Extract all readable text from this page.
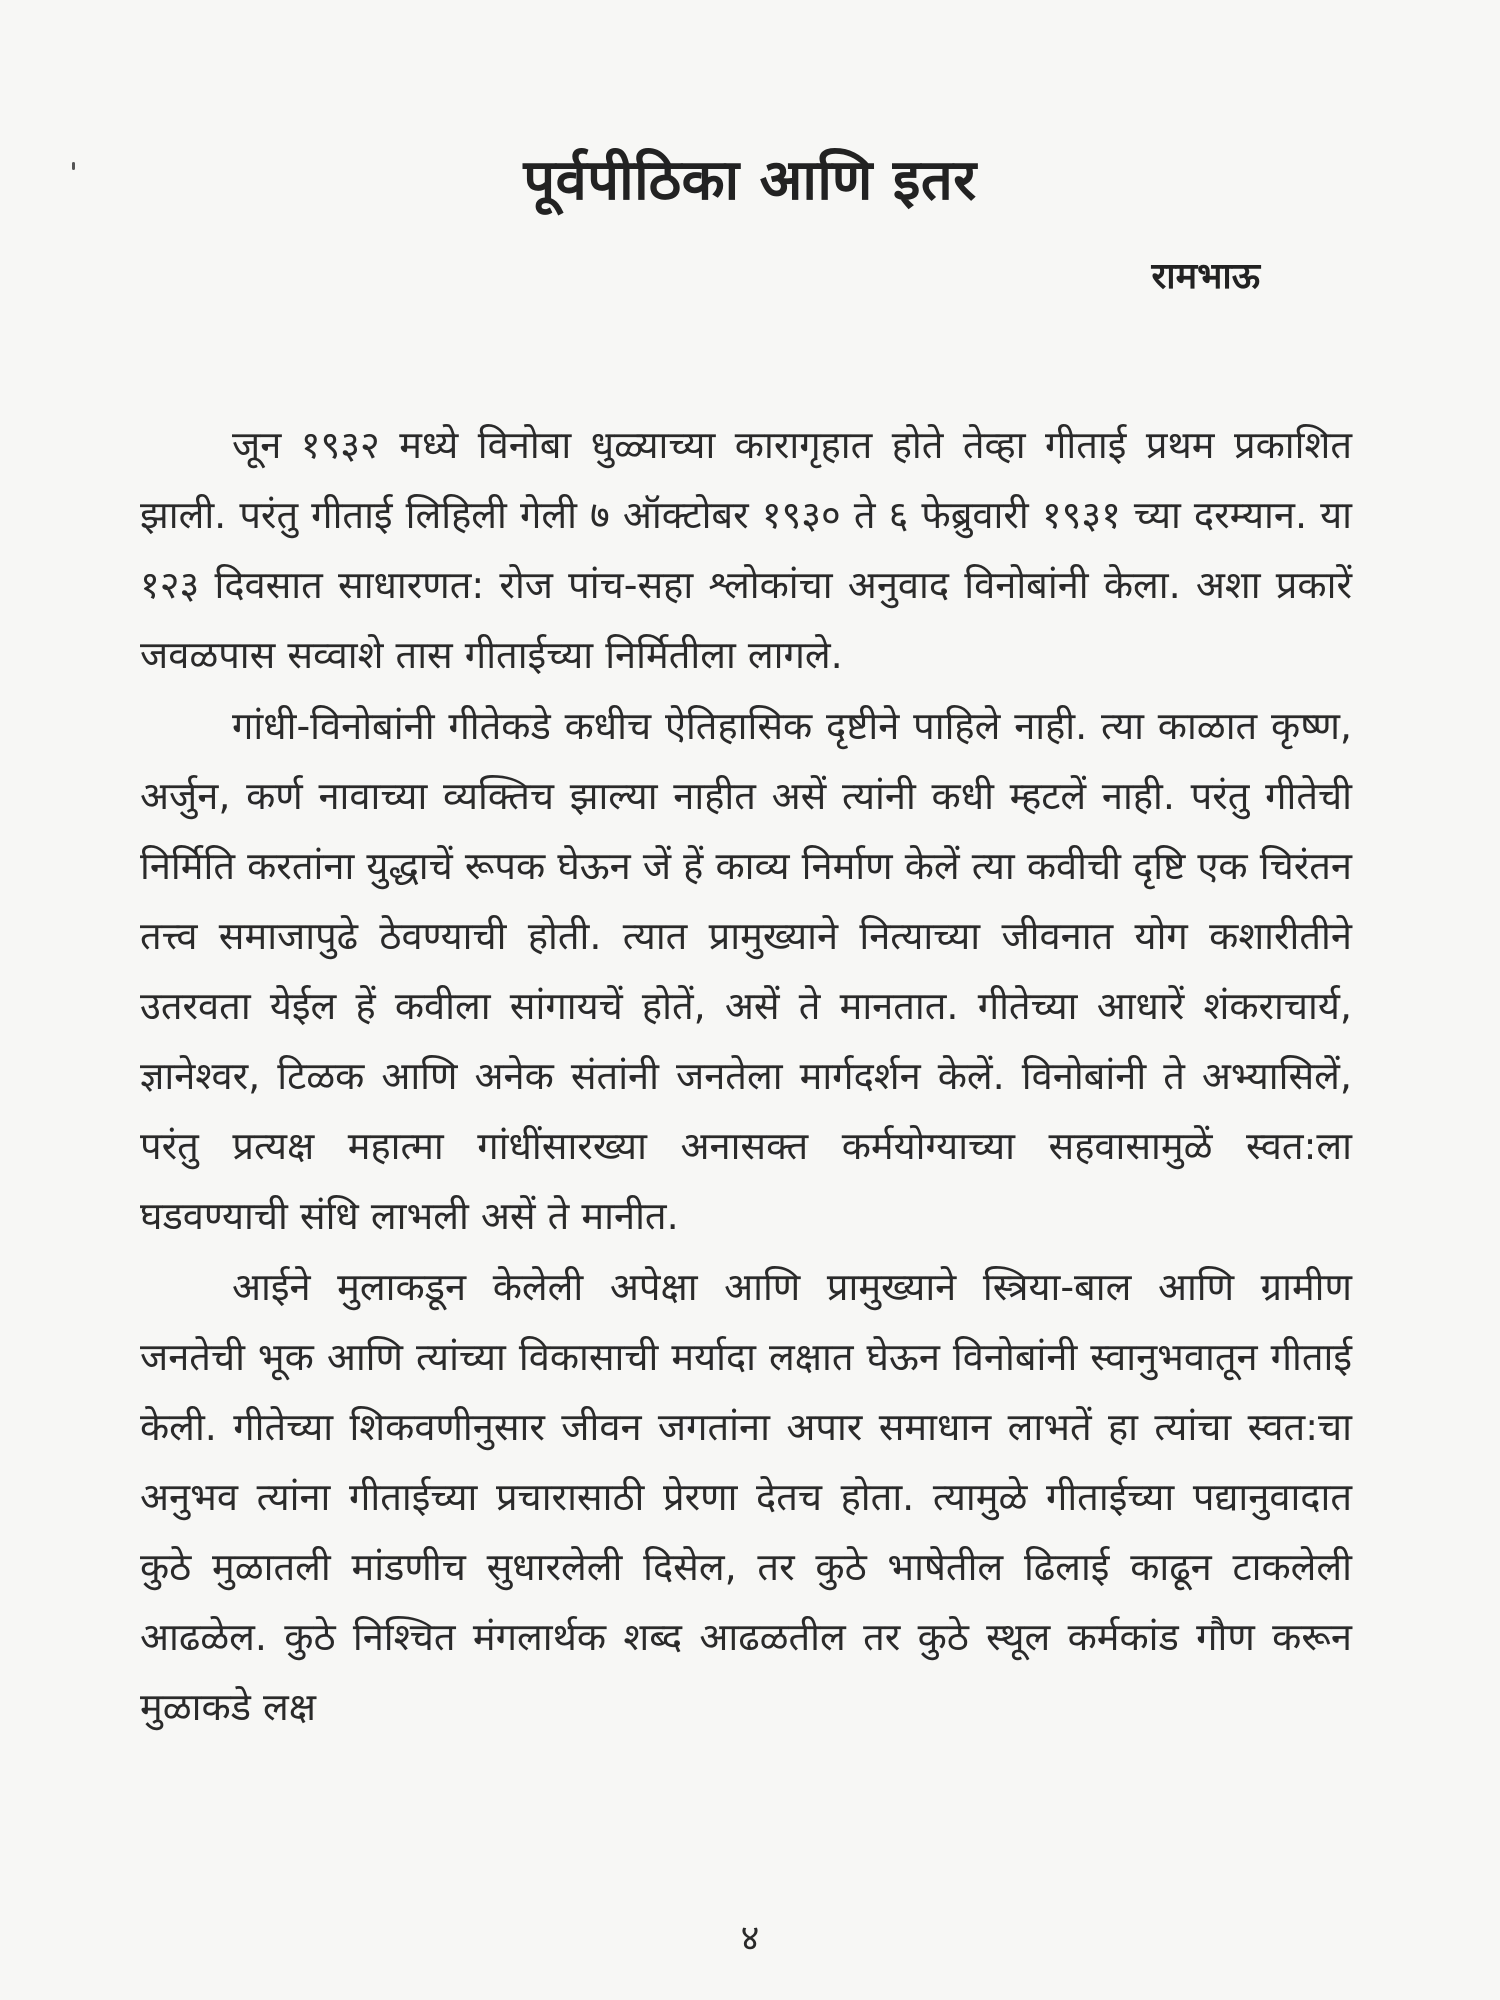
पूर्वपीठिका आणि इतर
रामभाऊ

जून १९३२ मध्ये विनोबा धुळ्याच्या कारागृहात होते तेव्हा गीताई प्रथम प्रकाशित झाली. परंतु गीताई लिहिली गेली ७ ऑक्टोबर १९३० ते ६ फेब्रुवारी १९३१ च्या दरम्यान. या १२३ दिवसात साधारणत: रोज पांच-सहा श्लोकांचा अनुवाद विनोबांनी केला. अशा प्रकारें जवळपास सव्वाशे तास गीताईच्या निर्मितीला लागले.

गांधी-विनोबांनी गीतेकडे कधीच ऐतिहासिक दृष्टीने पाहिले नाही. त्या काळात कृष्ण, अर्जुन, कर्ण नावाच्या व्यक्तिच झाल्या नाहीत असें त्यांनी कधी म्हटलें नाही. परंतु गीतेची निर्मिति करतांना युद्धाचें रूपक घेऊन जें हें काव्य निर्माण केलें त्या कवीची दृष्टि एक चिरंतन तत्त्व समाजापुढे ठेवण्याची होती. त्यात प्रामुख्याने नित्याच्या जीवनात योग कशारीतीने उतरवता येईल हें कवीला सांगायचें होतें, असें ते मानतात. गीतेच्या आधारें शंकराचार्य, ज्ञानेश्वर, टिळक आणि अनेक संतांनी जनतेला मार्गदर्शन केलें. विनोबांनी ते अभ्यासिलें, परंतु प्रत्यक्ष महात्मा गांधींसारख्या अनासक्त कर्मयोग्याच्या सहवासामुळें स्वत:ला घडवण्याची संधि लाभली असें ते मानीत.

आईने मुलाकडून केलेली अपेक्षा आणि प्रामुख्याने स्त्रिया-बाल आणि ग्रामीण जनतेची भूक आणि त्यांच्या विकासाची मर्यादा लक्षात घेऊन विनोबांनी स्वानुभवातून गीताई केली. गीतेच्या शिकवणीनुसार जीवन जगतांना अपार समाधान लाभतें हा त्यांचा स्वत:चा अनुभव त्यांना गीताईच्या प्रचारासाठी प्रेरणा देतच होता. त्यामुळे गीताईच्या पद्यानुवादात कुठे मुळातली मांडणीच सुधारलेली दिसेल, तर कुठे भाषेतील ढिलाई काढून टाकलेली आढळेल. कुठे निश्चित मंगलार्थक शब्द आढळतील तर कुठे स्थूल कर्मकांड गौण करून मुळाकडे लक्ष

४
